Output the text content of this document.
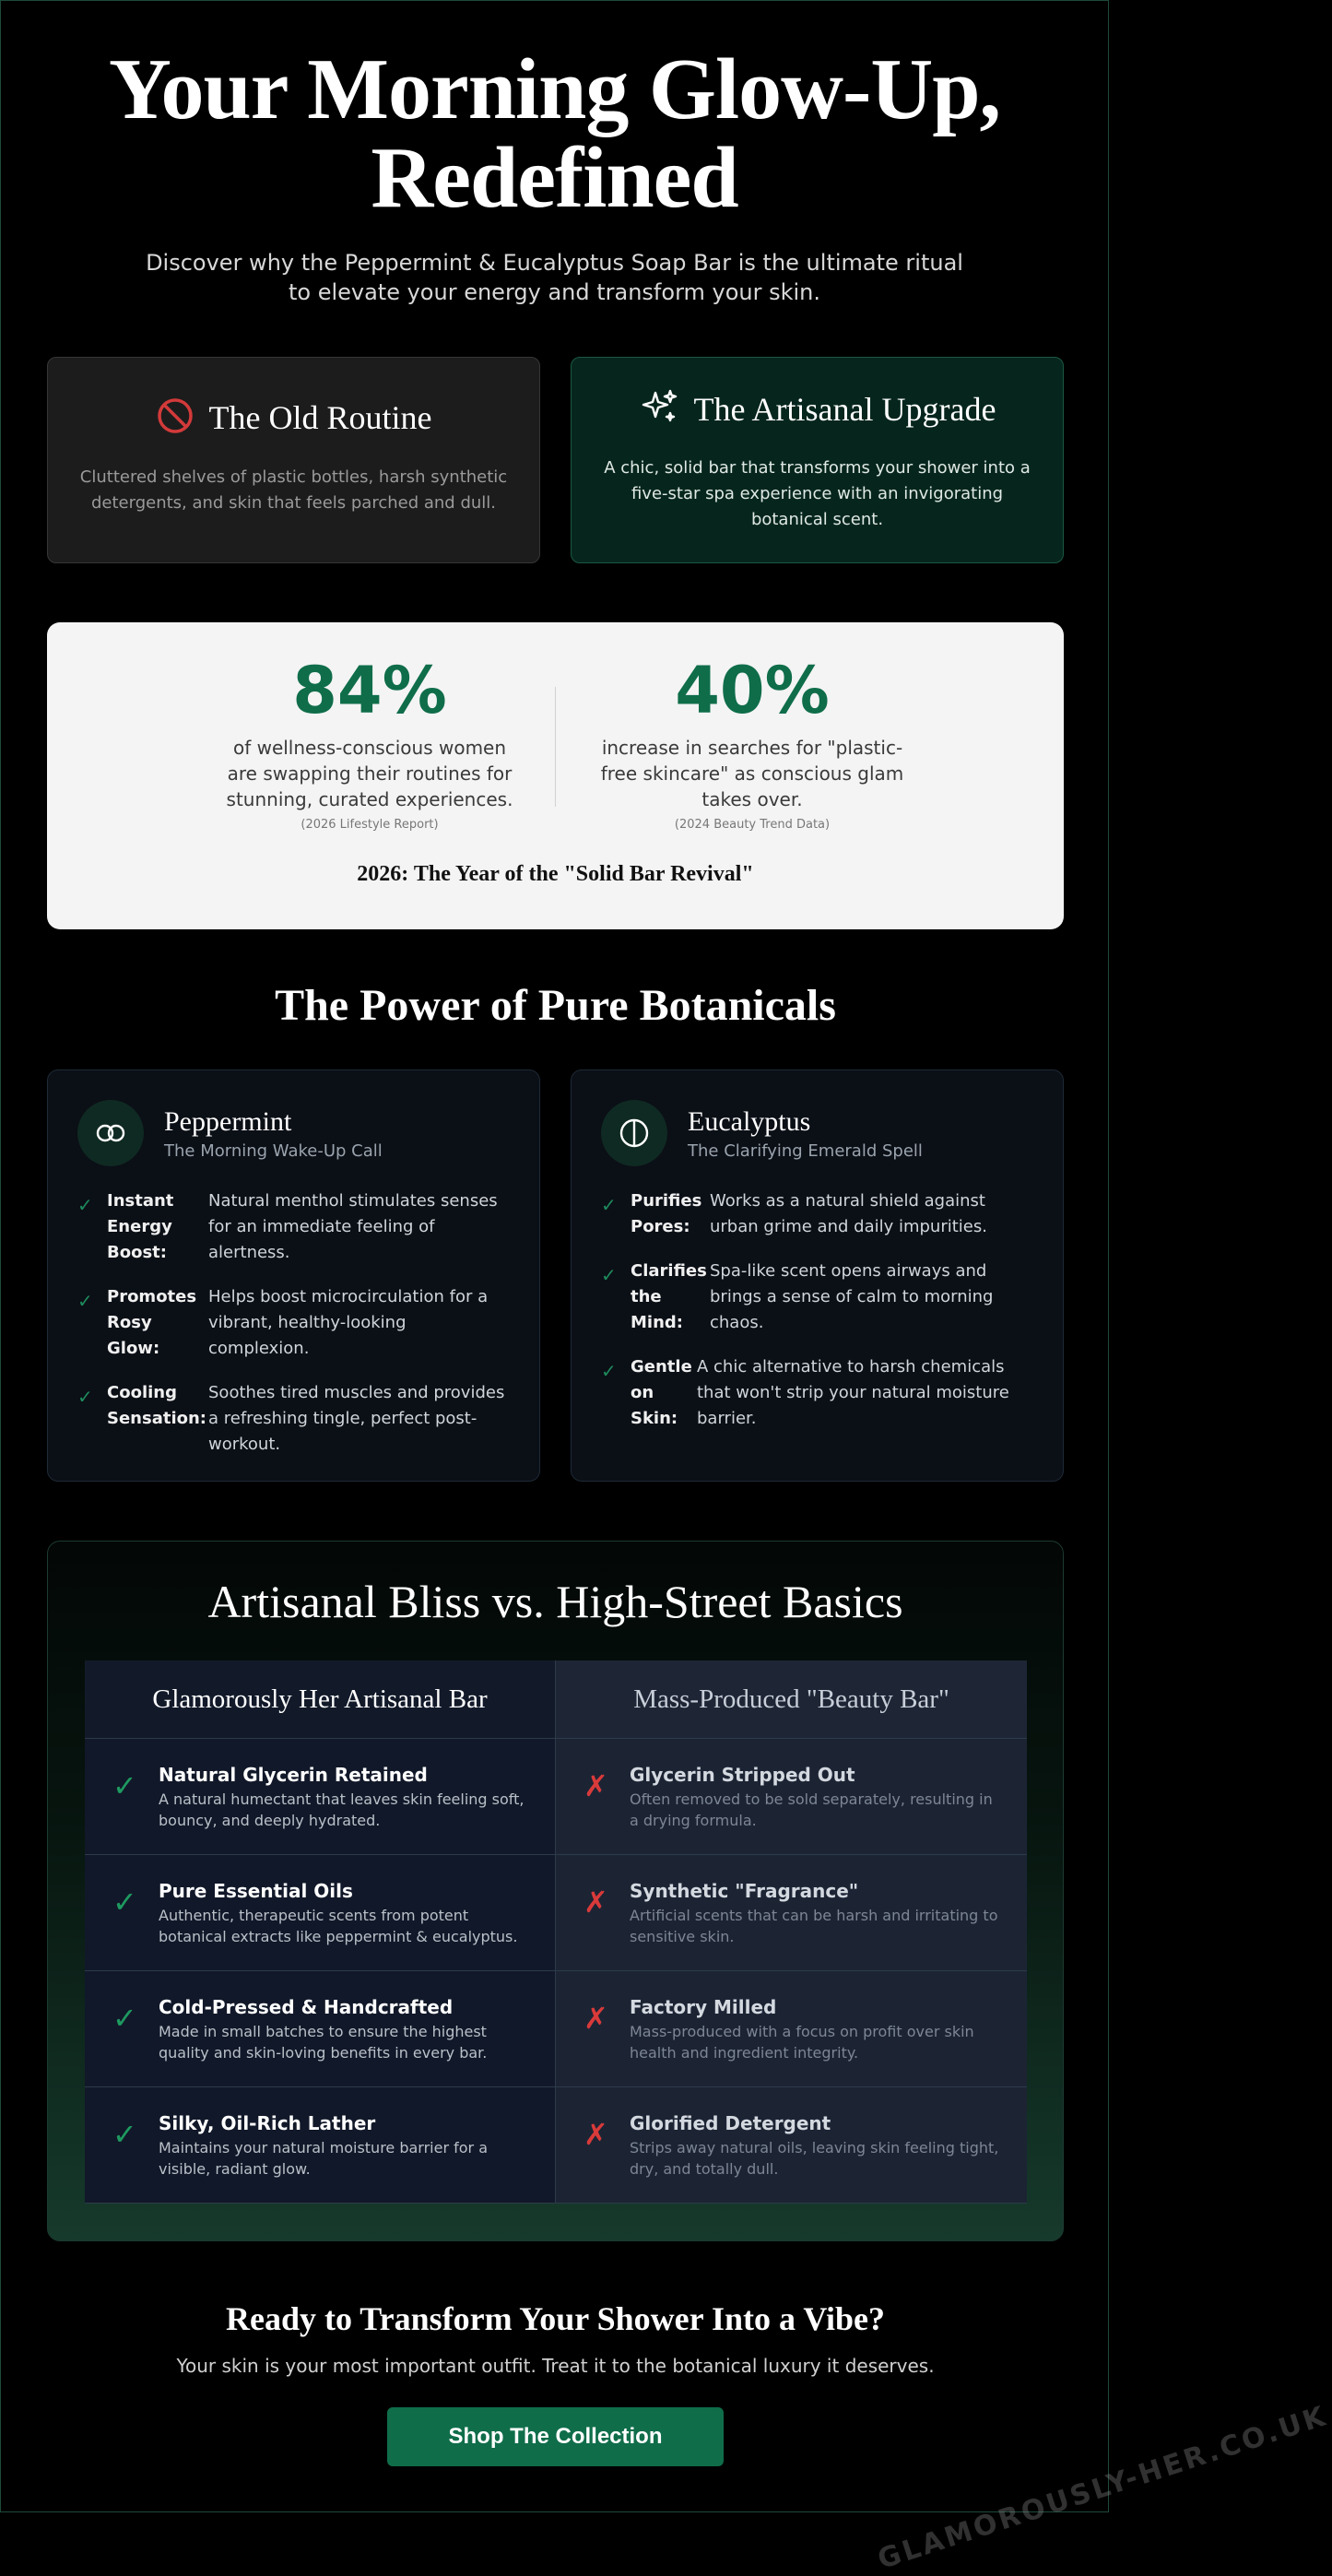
Your Morning Glow-Up,
Redefined

Discover why the Peppermint & Eucalyptus Soap Bar is the ultimate ritual to elevate your energy and transform your skin.

The Old Routine

Cluttered shelves of plastic bottles, harsh synthetic detergents, and skin that feels parched and dull.

The Artisanal Upgrade

A chic, solid bar that transforms your shower into a five-star spa experience with an invigorating botanical scent.

84%
of wellness-conscious women are swapping their routines for stunning, curated experiences.
(2026 Lifestyle Report)
40%
increase in searches for "plastic-free skincare" as conscious glam takes over.
(2024 Beauty Trend Data)
2026: The Year of the "Solid Bar Revival"
The Power of Pure Botanicals
Peppermint
The Morning Wake-Up Call
✓ Instant Energy Boost:
Natural menthol stimulates senses for an immediate feeling of alertness.
✓ Promotes Rosy Glow:
Helps boost microcirculation for a vibrant, healthy-looking complexion.
✓ Cooling Sensation:
Soothes tired muscles and provides a refreshing tingle, perfect post-workout.
Eucalyptus
The Clarifying Emerald Spell
✓ Purifies Pores:
Works as a natural shield against urban grime and daily impurities.
✓ Clarifies the Mind:
Spa-like scent opens airways and brings a sense of calm to morning chaos.
✓ Gentle on Skin:
A chic alternative to harsh chemicals that won't strip your natural moisture barrier.
Artisanal Bliss vs. High-Street Basics
Glamorously Her Artisanal Bar	Mass-Produced "Beauty Bar"
✓	Natural Glycerin Retained
A natural humectant that leaves skin feeling soft, bouncy, and deeply hydrated.
✗	Glycerin Stripped Out
Often removed to be sold separately, resulting in a drying formula.
✓	Pure Essential Oils
Authentic, therapeutic scents from potent botanical extracts like peppermint & eucalyptus.
✗	Synthetic "Fragrance"
Artificial scents that can be harsh and irritating to sensitive skin.
✓	Cold-Pressed & Handcrafted
Made in small batches to ensure the highest quality and skin-loving benefits in every bar.
✗	Factory Milled
Mass-produced with a focus on profit over skin health and ingredient integrity.
✓	Silky, Oil-Rich Lather
Maintains your natural moisture barrier for a visible, radiant glow.
✗	Glorified Detergent
Strips away natural oils, leaving skin feeling tight, dry, and totally dull.
Ready to Transform Your Shower Into a Vibe?

Your skin is your most important outfit. Treat it to the botanical luxury it deserves.

Shop The Collection	GLAMOROUSLY-HER.CO.UK
